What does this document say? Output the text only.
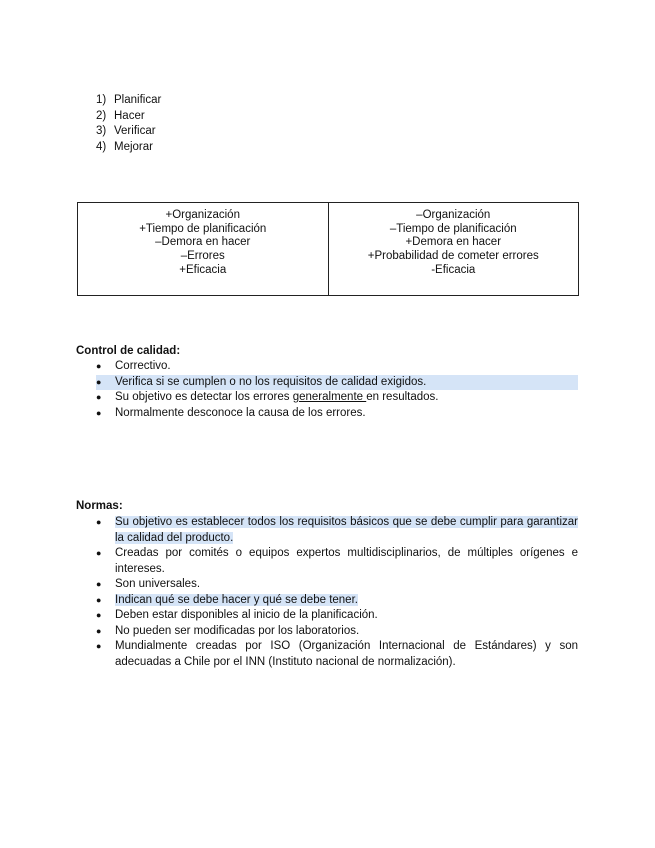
1) Planificar
2) Hacer
3) Verificar
4) Mejorar
+Organización
+Tiempo de planificación
–Demora en hacer
–Errores
+Eficacia

–Organización
–Tiempo de planificación
+Demora en hacer
+Probabilidad de cometer errores
-Eficacia
Control de calidad:
● Correctivo.
● Verifica si se cumplen o no los requisitos de calidad exigidos.
● Su objetivo es detectar los errores generalmente en resultados.
● Normalmente desconoce la causa de los errores.
Normas:
● Su objetivo es establecer todos los requisitos básicos que se debe cumplir para garantizar la calidad del producto.
● Creadas por comités o equipos expertos multidisciplinarios, de múltiples orígenes e intereses.
● Son universales.
● Indican qué se debe hacer y qué se debe tener.
● Deben estar disponibles al inicio de la planificación.
● No pueden ser modificadas por los laboratorios.
● Mundialmente creadas por ISO (Organización Internacional de Estándares) y son adecuadas a Chile por el INN (Instituto nacional de normalización).
